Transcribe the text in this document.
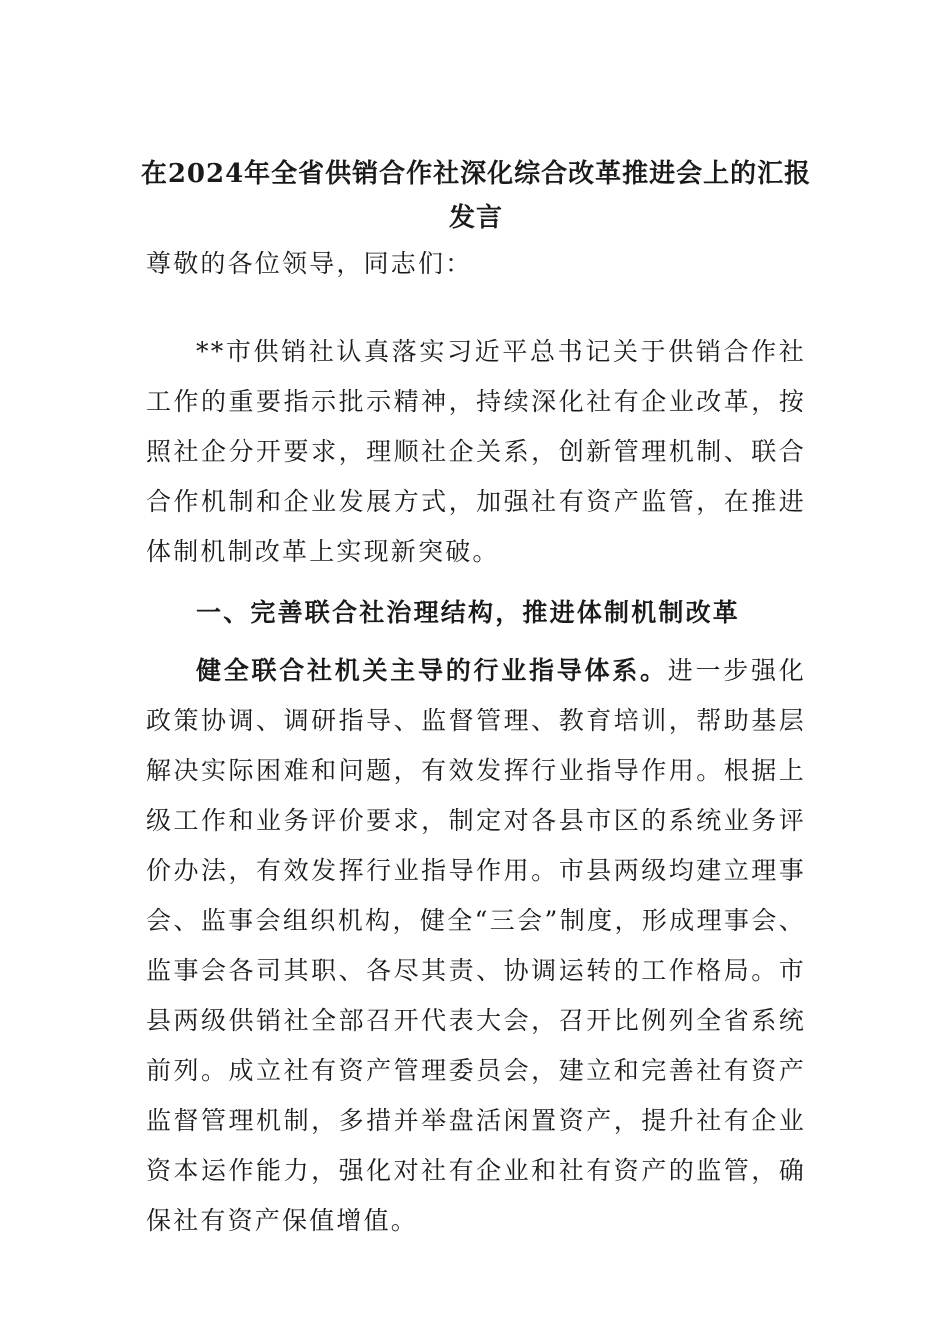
在2024年全省供销合作社深化综合改革推进会上的汇报发言

尊敬的各位领导，同志们：

**市供销社认真落实习近平总书记关于供销合作社工作的重要指示批示精神，持续深化社有企业改革，按照社企分开要求，理顺社企关系，创新管理机制、联合合作机制和企业发展方式，加强社有资产监管，在推进体制机制改革上实现新突破。

一、完善联合社治理结构，推进体制机制改革

健全联合社机关主导的行业指导体系。进一步强化政策协调、调研指导、监督管理、教育培训，帮助基层解决实际困难和问题，有效发挥行业指导作用。根据上级工作和业务评价要求，制定对各县市区的系统业务评价办法，有效发挥行业指导作用。市县两级均建立理事会、监事会组织机构，健全“三会”制度，形成理事会、监事会各司其职、各尽其责、协调运转的工作格局。市县两级供销社全部召开代表大会，召开比例列全省系统前列。成立社有资产管理委员会，建立和完善社有资产监督管理机制，多措并举盘活闲置资产，提升社有企业资本运作能力，强化对社有企业和社有资产的监管，确保社有资产保值增值。
